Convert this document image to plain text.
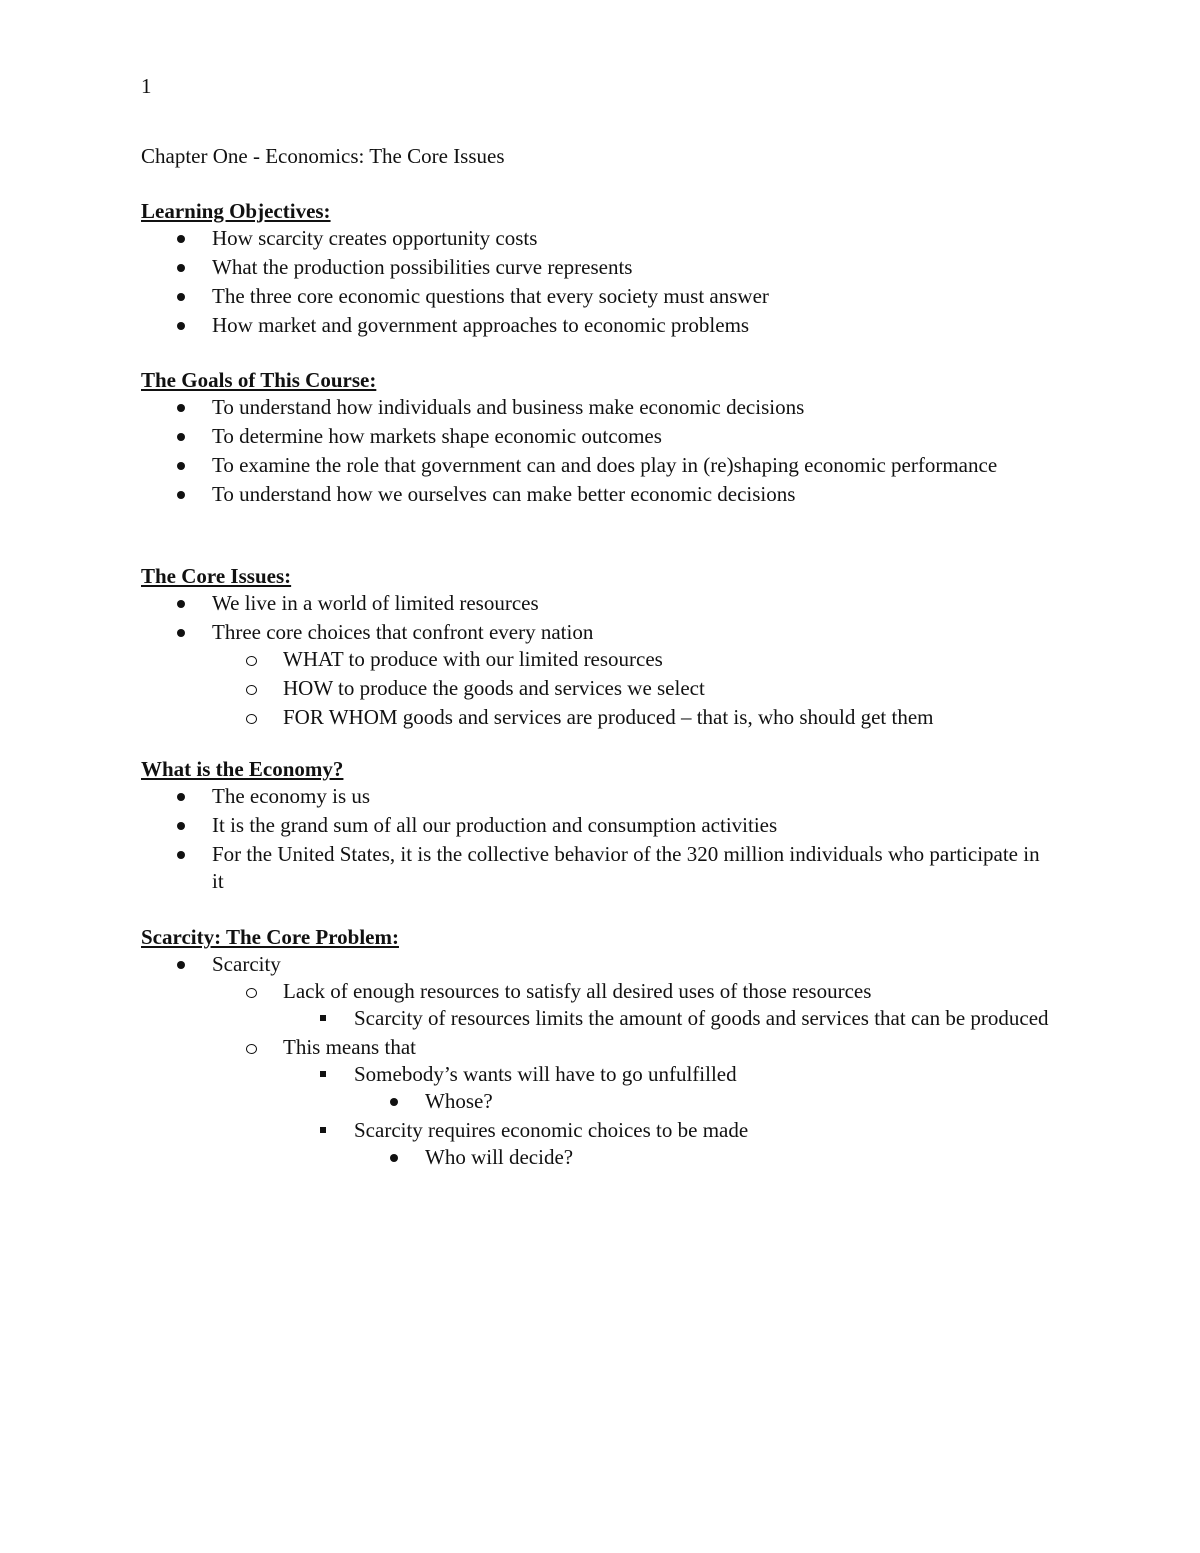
1
Chapter One - Economics: The Core Issues
Learning Objectives:
How scarcity creates opportunity costs
What the production possibilities curve represents
The three core economic questions that every society must answer
How market and government approaches to economic problems
The Goals of This Course:
To understand how individuals and business make economic decisions
To determine how markets shape economic outcomes
To examine the role that government can and does play in (re)shaping economic performance
To understand how we ourselves can make better economic decisions
The Core Issues:
We live in a world of limited resources
Three core choices that confront every nation
WHAT to produce with our limited resources
HOW to produce the goods and services we select
FOR WHOM goods and services are produced – that is, who should get them
What is the Economy?
The economy is us
It is the grand sum of all our production and consumption activities
For the United States, it is the collective behavior of the 320 million individuals who participate in it
Scarcity: The Core Problem:
Scarcity
Lack of enough resources to satisfy all desired uses of those resources
Scarcity of resources limits the amount of goods and services that can be produced
This means that
Somebody’s wants will have to go unfulfilled
Whose?
Scarcity requires economic choices to be made
Who will decide?
